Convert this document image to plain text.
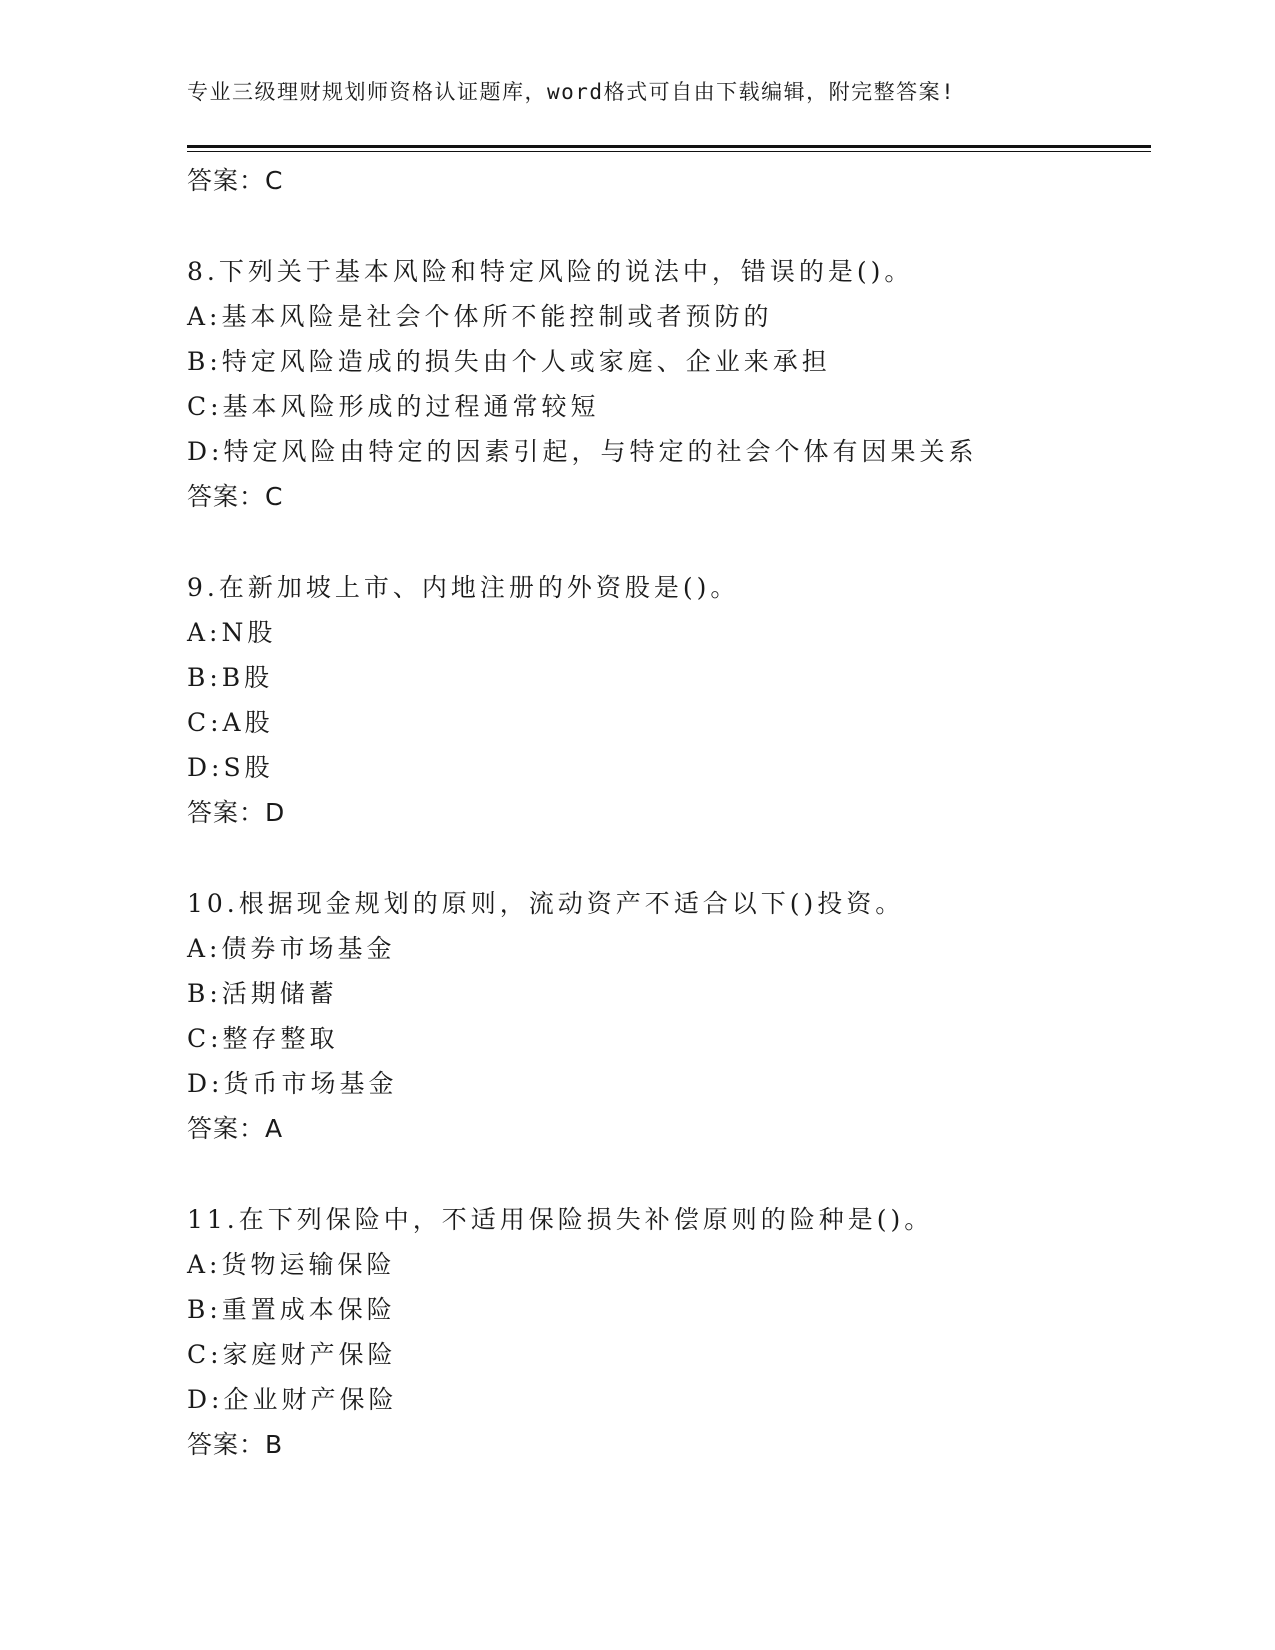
专业三级理财规划师资格认证题库，word格式可自由下载编辑，附完整答案!
答案：C
8.下列关于基本风险和特定风险的说法中，错误的是()。
A:基本风险是社会个体所不能控制或者预防的
B:特定风险造成的损失由个人或家庭、企业来承担
C:基本风险形成的过程通常较短
D:特定风险由特定的因素引起，与特定的社会个体有因果关系
答案：C
9.在新加坡上市、内地注册的外资股是()。
A:N股
B:B股
C:A股
D:S股
答案：D
10.根据现金规划的原则，流动资产不适合以下()投资。
A:债券市场基金
B:活期储蓄
C:整存整取
D:货币市场基金
答案：A
11.在下列保险中，不适用保险损失补偿原则的险种是()。
A:货物运输保险
B:重置成本保险
C:家庭财产保险
D:企业财产保险
答案：B
